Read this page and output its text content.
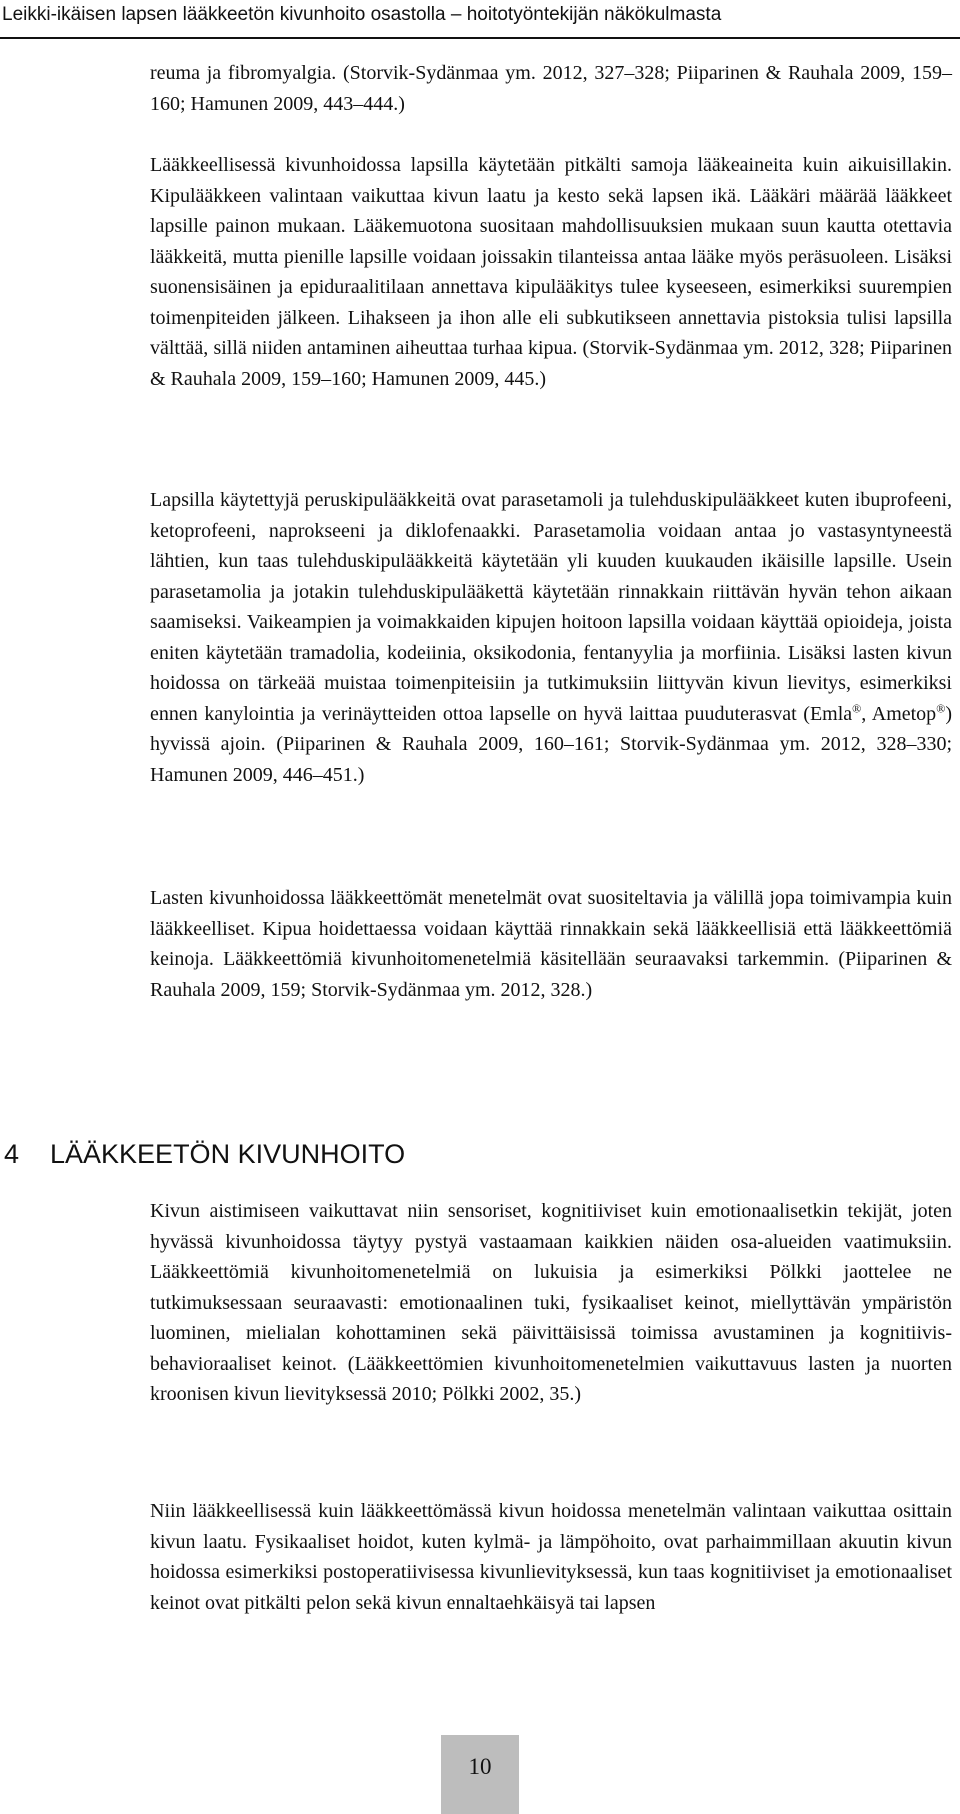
Leikki-ikäisen lapsen lääkkeetön kivunhoito osastolla – hoitotyöntekijän näkökulmasta

reuma ja fibromyalgia. (Storvik-Sydänmaa ym. 2012, 327–328; Piiparinen & Rauhala 2009, 159–160; Hamunen 2009, 443–444.)

Lääkkeellisessä kivunhoidossa lapsilla käytetään pitkälti samoja lääkeaineita kuin aikuisillakin. Kipulääkkeen valintaan vaikuttaa kivun laatu ja kesto sekä lapsen ikä. Lääkäri määrää lääkkeet lapsille painon mukaan. Lääkemuotona suositaan mahdollisuuksien mukaan suun kautta otettavia lääkkeitä, mutta pienille lapsille voidaan joissakin tilanteissa antaa lääke myös peräsuoleen. Lisäksi suonensisäinen ja epiduraalitilaan annettava kipulääkitys tulee kyseeseen, esimerkiksi suurempien toimenpiteiden jälkeen. Lihakseen ja ihon alle eli subkutikseen annettavia pistoksia tulisi lapsilla välttää, sillä niiden antaminen aiheuttaa turhaa kipua. (Storvik-Sydänmaa ym. 2012, 328; Piiparinen & Rauhala 2009, 159–160; Hamunen 2009, 445.)

Lapsilla käytettyjä peruskipulääkkeitä ovat parasetamoli ja tulehduskipulääkkeet kuten ibuprofeeni, ketoprofeeni, naprokseeni ja diklofenaakki. Parasetamolia voidaan antaa jo vastasyntyneestä lähtien, kun taas tulehduskipulääkkeitä käytetään yli kuuden kuukauden ikäisille lapsille. Usein parasetamolia ja jotakin tulehduskipulääkettä käytetään rinnakkain riittävän hyvän tehon aikaan saamiseksi. Vaikeampien ja voimakkaiden kipujen hoitoon lapsilla voidaan käyttää opioideja, joista eniten käytetään tramadolia, kodeiinia, oksikodonia, fentanyylia ja morfiinia. Lisäksi lasten kivun hoidossa on tärkeää muistaa toimenpiteisiin ja tutkimuksiin liittyvän kivun lievitys, esimerkiksi ennen kanylointia ja verinäytteiden ottoa lapselle on hyvä laittaa puuduterasvat (Emla®, Ametop®) hyvissä ajoin. (Piiparinen & Rauhala 2009, 160–161; Storvik-Sydänmaa ym. 2012, 328–330; Hamunen 2009, 446–451.)

Lasten kivunhoidossa lääkkeettömät menetelmät ovat suositeltavia ja välillä jopa toimivampia kuin lääkkeelliset. Kipua hoidettaessa voidaan käyttää rinnakkain sekä lääkkeellisiä että lääkkeettömiä keinoja. Lääkkeettömiä kivunhoitomenetelmiä käsitellään seuraavaksi tarkemmin. (Piiparinen & Rauhala 2009, 159; Storvik-Sydänmaa ym. 2012, 328.)

4 LÄÄKKEETÖN KIVUNHOITO

Kivun aistimiseen vaikuttavat niin sensoriset, kognitiiviset kuin emotionaalisetkin tekijät, joten hyvässä kivunhoidossa täytyy pystyä vastaamaan kaikkien näiden osa-alueiden vaatimuksiin. Lääkkeettömiä kivunhoitomenetelmiä on lukuisia ja esimerkiksi Pölkki jaottelee ne tutkimuksessaan seuraavasti: emotionaalinen tuki, fysikaaliset keinot, miellyttävän ympäristön luominen, mielialan kohottaminen sekä päivittäisissä toimissa avustaminen ja kognitiivis-behavioraaliset keinot. (Lääkkeettömien kivunhoitomenetelmien vaikuttavuus lasten ja nuorten kroonisen kivun lievityksessä 2010; Pölkki 2002, 35.)

Niin lääkkeellisessä kuin lääkkeettömässä kivun hoidossa menetelmän valintaan vaikuttaa osittain kivun laatu. Fysikaaliset hoidot, kuten kylmä- ja lämpöhoito, ovat parhaimmillaan akuutin kivun hoidossa esimerkiksi postoperatiivisessa kivunlievityksessä, kun taas kognitiiviset ja emotionaaliset keinot ovat pitkälti pelon sekä kivun ennaltaehkäisyä tai lapsen

10
